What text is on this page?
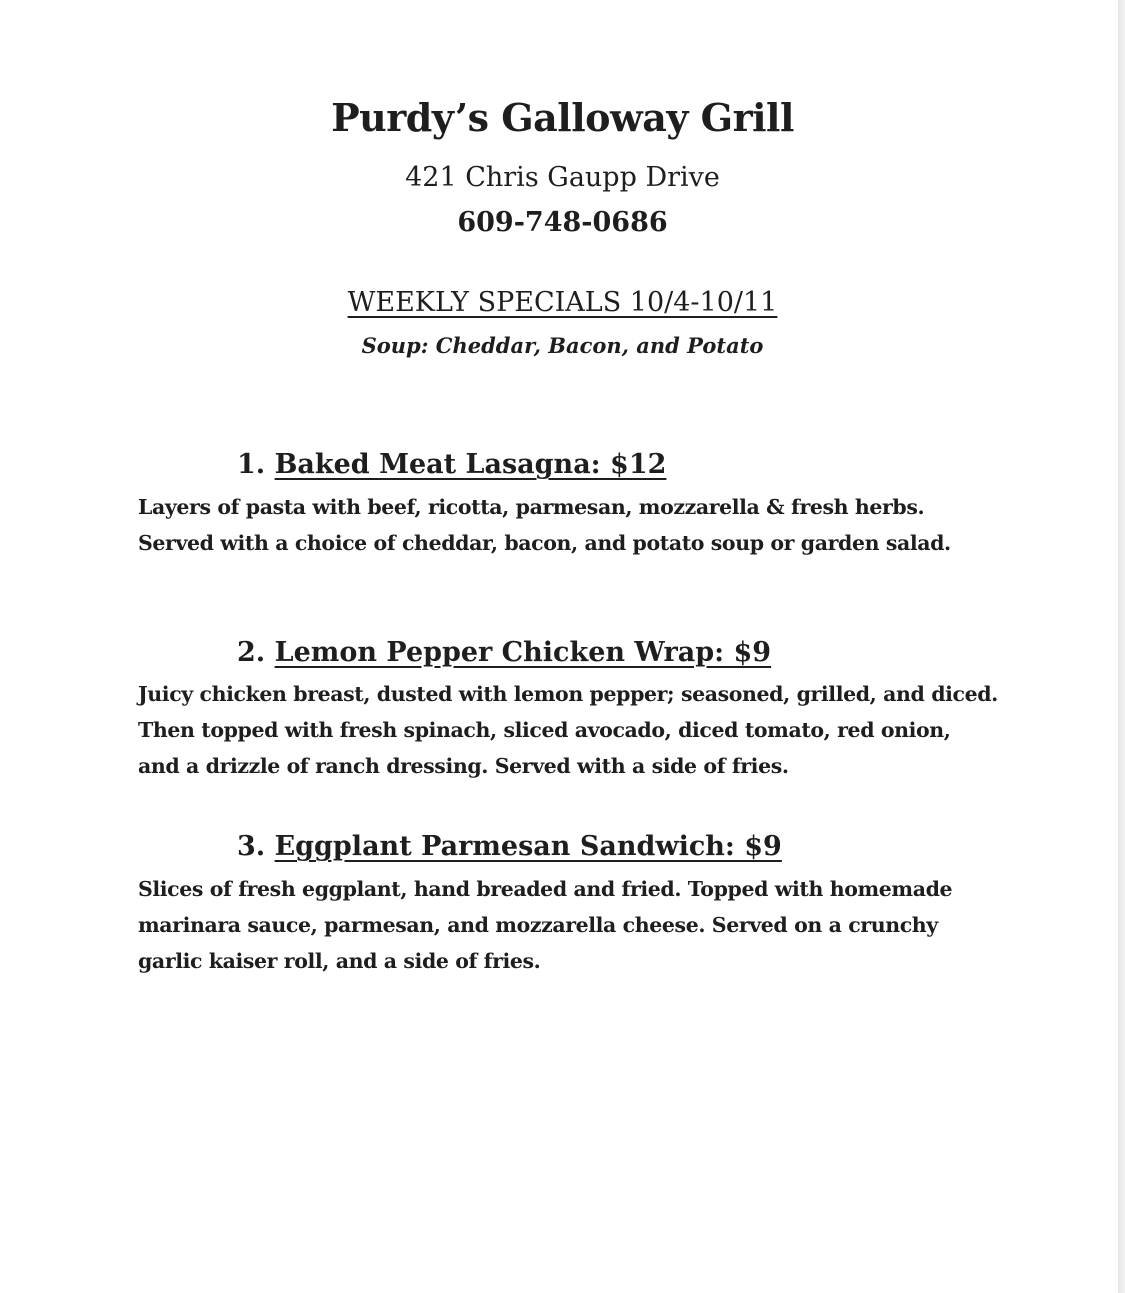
Purdy’s Galloway Grill
421 Chris Gaupp Drive
609-748-0686
WEEKLY SPECIALS 10/4-10/11
Soup: Cheddar, Bacon, and Potato
1. Baked Meat Lasagna: $12
Layers of pasta with beef, ricotta, parmesan, mozzarella & fresh herbs. Served with a choice of cheddar, bacon, and potato soup or garden salad.
2. Lemon Pepper Chicken Wrap: $9
Juicy chicken breast, dusted with lemon pepper; seasoned, grilled, and diced. Then topped with fresh spinach, sliced avocado, diced tomato, red onion, and a drizzle of ranch dressing. Served with a side of fries.
3. Eggplant Parmesan Sandwich: $9
Slices of fresh eggplant, hand breaded and fried. Topped with homemade marinara sauce, parmesan, and mozzarella cheese. Served on a crunchy garlic kaiser roll, and a side of fries.
